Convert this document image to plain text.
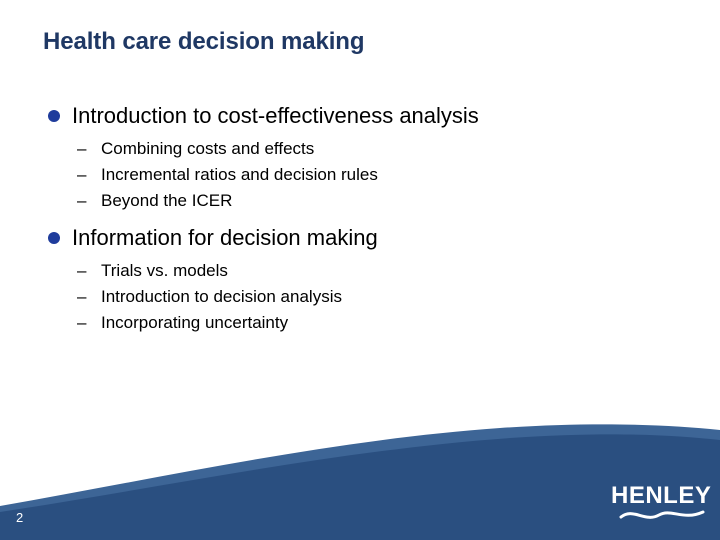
Health care decision making
Introduction to cost-effectiveness analysis
– Combining costs and effects
– Incremental ratios and decision rules
– Beyond the ICER
Information for decision making
– Trials vs. models
– Introduction to decision analysis
– Incorporating uncertainty
2
HENLEY
